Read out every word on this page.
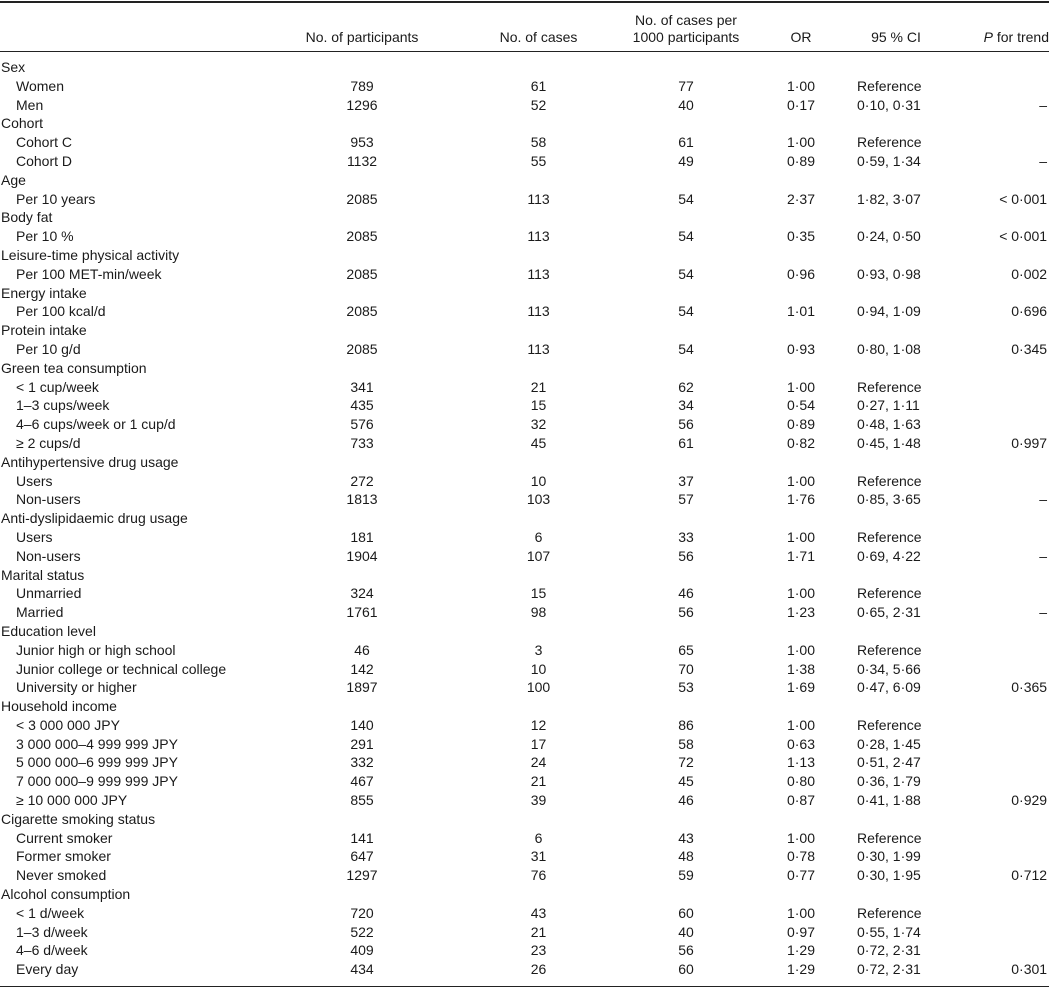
	No. of participants	No. of cases	No. of cases per
1000 participants	OR	95 % CI	P for trend
Sex						
Women	789	61	77	1·00	Reference	
Men	1296	52	40	0·17	0·10, 0·31	–
Cohort						
Cohort C	953	58	61	1·00	Reference	
Cohort D	1132	55	49	0·89	0·59, 1·34	–
Age						
Per 10 years	2085	113	54	2·37	1·82, 3·07	< 0·001
Body fat						
Per 10 %	2085	113	54	0·35	0·24, 0·50	< 0·001
Leisure-time physical activity						
Per 100 MET-min/week	2085	113	54	0·96	0·93, 0·98	0·002
Energy intake						
Per 100 kcal/d	2085	113	54	1·01	0·94, 1·09	0·696
Protein intake						
Per 10 g/d	2085	113	54	0·93	0·80, 1·08	0·345
Green tea consumption						
< 1 cup/week	341	21	62	1·00	Reference	
1–3 cups/week	435	15	34	0·54	0·27, 1·11	
4–6 cups/week or 1 cup/d	576	32	56	0·89	0·48, 1·63	
≥ 2 cups/d	733	45	61	0·82	0·45, 1·48	0·997
Antihypertensive drug usage						
Users	272	10	37	1·00	Reference	
Non-users	1813	103	57	1·76	0·85, 3·65	–
Anti-dyslipidaemic drug usage						
Users	181	6	33	1·00	Reference	
Non-users	1904	107	56	1·71	0·69, 4·22	–
Marital status						
Unmarried	324	15	46	1·00	Reference	
Married	1761	98	56	1·23	0·65, 2·31	–
Education level						
Junior high or high school	46	3	65	1·00	Reference	
Junior college or technical college	142	10	70	1·38	0·34, 5·66	
University or higher	1897	100	53	1·69	0·47, 6·09	0·365
Household income						
< 3 000 000 JPY	140	12	86	1·00	Reference	
3 000 000–4 999 999 JPY	291	17	58	0·63	0·28, 1·45	
5 000 000–6 999 999 JPY	332	24	72	1·13	0·51, 2·47	
7 000 000–9 999 999 JPY	467	21	45	0·80	0·36, 1·79	
≥ 10 000 000 JPY	855	39	46	0·87	0·41, 1·88	0·929
Cigarette smoking status						
Current smoker	141	6	43	1·00	Reference	
Former smoker	647	31	48	0·78	0·30, 1·99	
Never smoked	1297	76	59	0·77	0·30, 1·95	0·712
Alcohol consumption						
< 1 d/week	720	43	60	1·00	Reference	
1–3 d/week	522	21	40	0·97	0·55, 1·74	
4–6 d/week	409	23	56	1·29	0·72, 2·31	
Every day	434	26	60	1·29	0·72, 2·31	0·301
